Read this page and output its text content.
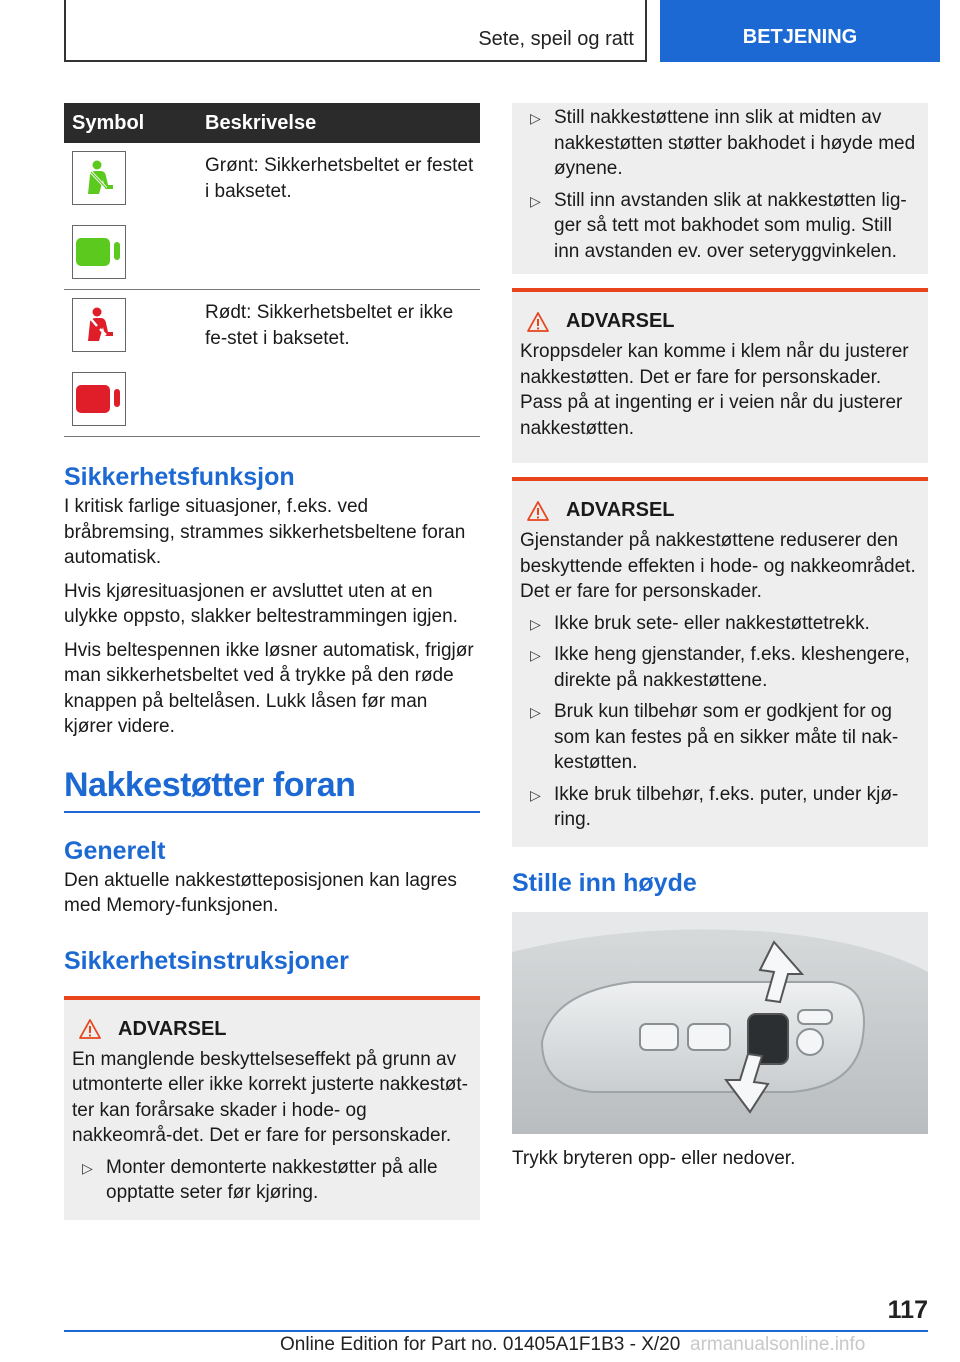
Sete, speil og ratt	BETJENING
Symbol	Beskrivelse

	Grønt: Sikkerhetsbeltet er festet i baksetet.

	Rødt: Sikkerhetsbeltet er ikke fe-stet i baksetet.
Sikkerhetsfunksjon

I kritisk farlige situasjoner, f.eks. ved bråbremsing, strammes sikkerhetsbeltene foran automatisk.

Hvis kjøresituasjonen er avsluttet uten at en ulykke oppsto, slakker beltestrammingen igjen.

Hvis beltespennen ikke løsner automatisk, frigjør man sikkerhetsbeltet ved å trykke på den røde knappen på beltelåsen. Lukk låsen før man kjører videre.

Nakkestøtter foran
Generelt

Den aktuelle nakkestøtteposisjonen kan lagres med Memory-funksjonen.

Sikkerhetsinstruksjoner
ADVARSEL

En manglende beskyttelseseffekt på grunn av utmonterte eller ikke korrekt justerte nakkestøt-ter kan forårsake skader i hode- og nakkeområ-det. Det er fare for personskader.

▷ Monter demonterte nakkestøtter på alle opptatte seter før kjøring.
▷ Still nakkestøttene inn slik at midten av nakkestøtten støtter bakhodet i høyde med øynene.
▷ Still inn avstanden slik at nakkestøtten lig-ger så tett mot bakhodet som mulig. Still inn avstanden ev. over seteryggvinkelen.
ADVARSEL

Kroppsdeler kan komme i klem når du justerer nakkestøtten. Det er fare for personskader. Pass på at ingenting er i veien når du justerer nakkestøtten.

ADVARSEL

Gjenstander på nakkestøttene reduserer den beskyttende effekten i hode- og nakkeområdet. Det er fare for personskader.

▷ Ikke bruk sete- eller nakkestøttetrekk.
▷ Ikke heng gjenstander, f.eks. kleshengere, direkte på nakkestøttene.
▷ Bruk kun tilbehør som er godkjent for og som kan festes på en sikker måte til nak-kestøtten.
▷ Ikke bruk tilbehør, f.eks. puter, under kjø-ring.
Stille inn høyde

Trykk bryteren opp- eller nedover.

117
Online Edition for Part no. 01405A1F1B3 - X/20 armanualsonline.info
